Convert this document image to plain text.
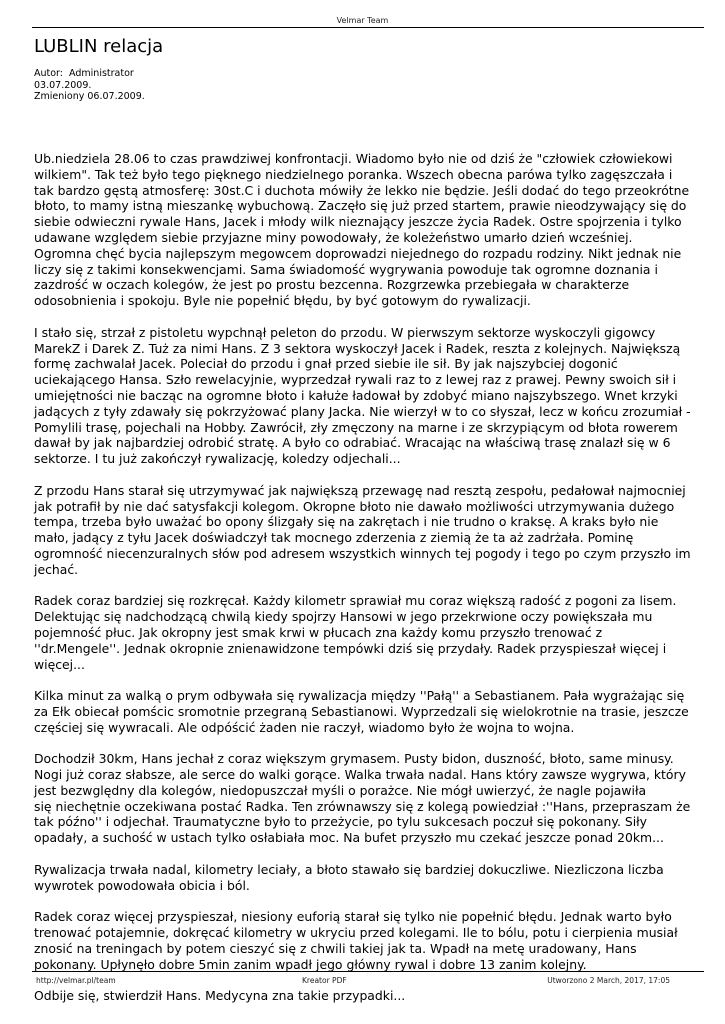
Velmar Team
LUBLIN relacja
Autor:  Administrator
03.07.2009.
Zmieniony 06.07.2009.

Ub.niedziela 28.06 to czas prawdziwej konfrontacji. Wiadomo było nie od dziś że "człowiek człowiekowi
wilkiem". Tak też było tego pięknego niedzielnego poranka. Wszech obecna parówa tylko zagęszczała i
tak bardzo gęstą atmosferę: 30st.C i duchota mówiły że lekko nie będzie. Jeśli dodać do tego przeokrótne
błoto, to mamy istną mieszankę wybuchową. Zaczęło się już przed startem, prawie nieodzywający się do
siebie odwieczni rywale Hans, Jacek i młody wilk nieznający jeszcze życia Radek. Ostre spojrzenia i tylko
udawane względem siebie przyjazne miny powodowały, że koleżeństwo umarło dzień wcześniej.
Ogromna chęć bycia najlepszym megowcem doprowadzi niejednego do rozpadu rodziny. Nikt jednak nie
liczy się z takimi konsekwencjami. Sama świadomość wygrywania powoduje tak ogromne doznania i
zazdrość w oczach kolegów, że jest po prostu bezcenna. Rozgrzewka przebiegała w charakterze
odosobnienia i spokoju. Byle nie popełnić błędu, by być gotowym do rywalizacji.

I stało się, strzał z pistoletu wypchnął peleton do przodu. W pierwszym sektorze wyskoczyli gigowcy
MarekZ i Darek Z. Tuż za nimi Hans. Z 3 sektora wyskoczył Jacek i Radek, reszta z kolejnych. Największą
formę zachwalał Jacek. Poleciał do przodu i gnał przed siebie ile sił. By jak najszybciej dogonić
uciekającego Hansa. Szło rewelacyjnie, wyprzedzał rywali raz to z lewej raz z prawej. Pewny swoich sił i
umiejętności nie bacząc na ogromne błoto i kałuże ładował by zdobyć miano najszybszego. Wnet krzyki
jadących z tyły zdawały się pokrzyżować plany Jacka. Nie wierzył w to co słyszał, lecz w końcu zrozumiał -
Pomylili trasę, pojechali na Hobby. Zawrócił, zły zmęczony na marne i ze skrzypiącym od błota rowerem
dawał by jak najbardziej odrobić stratę. A było co odrabiać. Wracając na właściwą trasę znalazł się w 6
sektorze. I tu już zakończył rywalizację, koledzy odjechali...

Z przodu Hans starał się utrzymywać jak największą przewagę nad resztą zespołu, pedałował najmocniej
jak potrafił by nie dać satysfakcji kolegom. Okropne błoto nie dawało możliwości utrzymywania dużego
tempa, trzeba było uważać bo opony ślizgały się na zakrętach i nie trudno o kraksę. A kraks było nie
mało, jadący z tyłu Jacek doświadczył tak mocnego zderzenia z ziemią że ta aż zadrżała. Pominę
ogromność niecenzuralnych słów pod adresem wszystkich winnych tej pogody i tego po czym przyszło im
jechać.

Radek coraz bardziej się rozkręcał. Każdy kilometr sprawiał mu coraz większą radość z pogoni za lisem.
Delektując się nadchodzącą chwilą kiedy spojrzy Hansowi w jego przekrwione oczy powiększała mu
pojemność płuc. Jak okropny jest smak krwi w płucach zna każdy komu przyszło trenować z
''dr.Mengele''. Jednak okropnie znienawidzone tempówki dziś się przydały. Radek przyspieszał więcej i
więcej...

Kilka minut za walką o prym odbywała się rywalizacja między ''Pałą'' a Sebastianem. Pała wygrażając się
za Ełk obiecał pomścic sromotnie przegraną Sebastianowi. Wyprzedzali się wielokrotnie na trasie, jeszcze
częściej się wywracali. Ale odpóścić żaden nie raczył, wiadomo było że wojna to wojna.

Dochodził 30km, Hans jechał z coraz większym grymasem. Pusty bidon, duszność, błoto, same minusy.
Nogi już coraz słabsze, ale serce do walki gorące. Walka trwała nadal. Hans który zawsze wygrywa, który
jest bezwględny dla kolegów, niedopuszczał myśli o porażce. Nie mógł uwierzyć, że nagle pojawiła
się niechętnie oczekiwana postać Radka. Ten zrównawszy się z kolegą powiedział :''Hans, przepraszam że
tak późno'' i odjechał. Traumatyczne było to przeżycie, po tylu sukcesach poczuł się pokonany. Siły
opadały, a suchość w ustach tylko osłabiała moc. Na bufet przyszło mu czekać jeszcze ponad 20km...

Rywalizacja trwała nadal, kilometry leciały, a błoto stawało się bardziej dokuczliwe. Niezliczona liczba
wywrotek powodowała obicia i ból.

Radek coraz więcej przyspieszał, niesiony euforią starał się tylko nie popełnić błędu. Jednak warto było
trenować potajemnie, dokręcać kilometry w ukryciu przed kolegami. Ile to bólu, potu i cierpienia musiał
znosić na treningach by potem cieszyć się z chwili takiej jak ta. Wpadł na metę uradowany, Hans
pokonany. Upłynęło dobre 5min zanim wpadł jego główny rywal i dobre 13 zanim kolejny.

Odbije się, stwierdził Hans. Medycyna zna takie przypadki...

http://velmar.pl/team	Kreator PDF	Utworzono 2 March, 2017, 17:05
